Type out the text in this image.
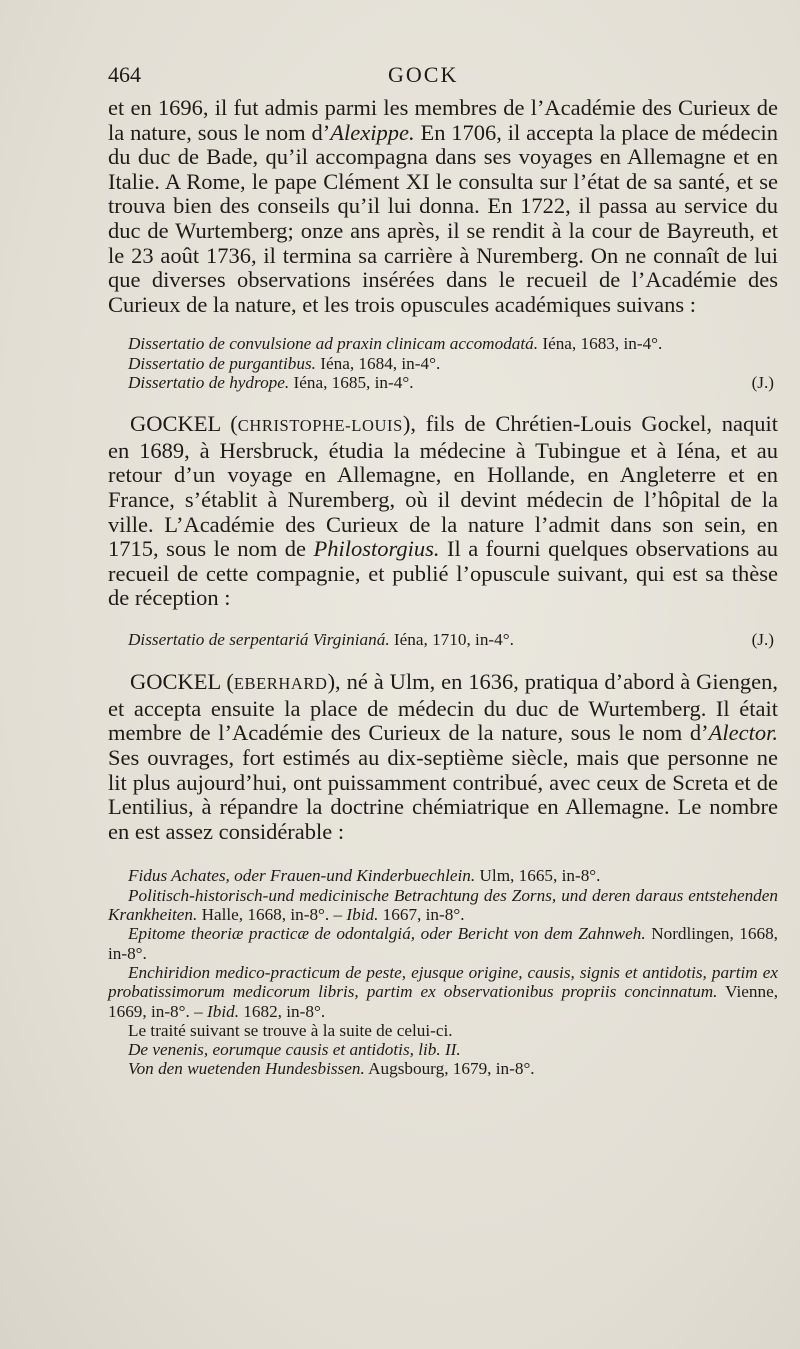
464	GOCK

et en 1696, il fut admis parmi les membres de l’Académie des Curieux de la nature, sous le nom d’Alexippe. En 1706, il accepta la place de médecin du duc de Bade, qu’il accompagna dans ses voyages en Allemagne et en Italie. A Rome, le pape Clément XI le consulta sur l’état de sa santé, et se trouva bien des conseils qu’il lui donna. En 1722, il passa au service du duc de Wurtemberg; onze ans après, il se rendit à la cour de Bayreuth, et le 23 août 1736, il termina sa carrière à Nuremberg. On ne connaît de lui que diverses observations insérées dans le recueil de l’Académie des Curieux de la nature, et les trois opuscules académiques suivans :

Dissertatio de convulsione ad praxin clinicam accomodatá. Iéna, 1683, in-4°.

Dissertatio de purgantibus. Iéna, 1684, in-4°.

Dissertatio de hydrope. Iéna, 1685, in-4°.	(J.)

GOCKEL (CHRISTOPHE-LOUIS), fils de Chrétien-Louis Gockel, naquit en 1689, à Hersbruck, étudia la médecine à Tubingue et à Iéna, et au retour d’un voyage en Allemagne, en Hollande, en Angleterre et en France, s’établit à Nuremberg, où il devint médecin de l’hôpital de la ville. L’Académie des Curieux de la nature l’admit dans son sein, en 1715, sous le nom de Philostorgius. Il a fourni quelques observations au recueil de cette compagnie, et publié l’opuscule suivant, qui est sa thèse de réception :

Dissertatio de serpentariá Virginianá. Iéna, 1710, in-4°.	(J.)

GOCKEL (EBERHARD), né à Ulm, en 1636, pratiqua d’abord à Giengen, et accepta ensuite la place de médecin du duc de Wurtemberg. Il était membre de l’Académie des Curieux de la nature, sous le nom d’Alector. Ses ouvrages, fort estimés au dix-septième siècle, mais que personne ne lit plus aujourd’hui, ont puissamment contribué, avec ceux de Screta et de Lentilius, à répandre la doctrine chémiatrique en Allemagne. Le nombre en est assez considérable :

Fidus Achates, oder Frauen-und Kinderbuechlein. Ulm, 1665, in-8°.

Politisch-historisch-und medicinische Betrachtung des Zorns, und deren daraus entstehenden Krankheiten. Halle, 1668, in-8°. – Ibid. 1667, in-8°.

Epitome theoriæ practicæ de odontalgiá, oder Bericht von dem Zahnweh. Nordlingen, 1668, in-8°.

Enchiridion medico-practicum de peste, ejusque origine, causis, signis et antidotis, partim ex probatissimorum medicorum libris, partim ex observationibus propriis concinnatum. Vienne, 1669, in-8°. – Ibid. 1682, in-8°.

Le traité suivant se trouve à la suite de celui-ci.

De venenis, eorumque causis et antidotis, lib. II.

Von den wuetenden Hundesbissen. Augsbourg, 1679, in-8°.
